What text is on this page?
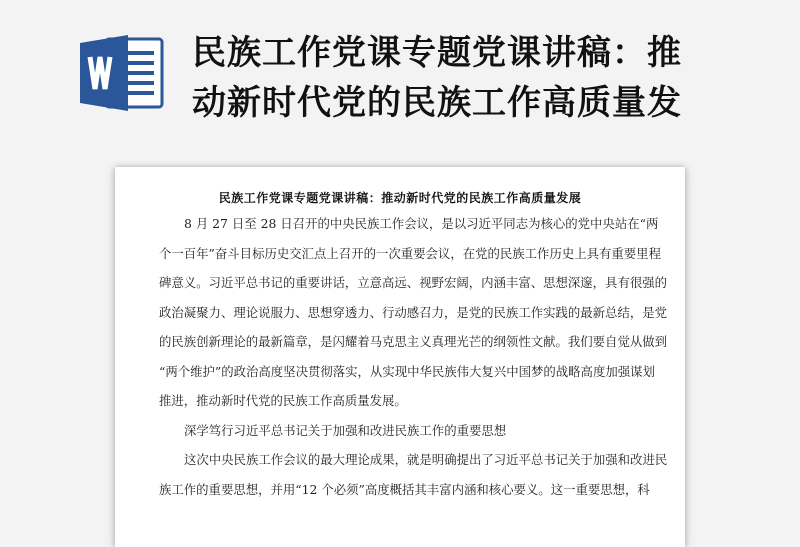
民族工作党课专题党课讲稿：推
动新时代党的民族工作高质量发
民族工作党课专题党课讲稿：推动新时代党的民族工作高质量发展
8 月 27 日至 28 日召开的中央民族工作会议，是以习近平同志为核心的党中央站在“两
个一百年”奋斗目标历史交汇点上召开的一次重要会议，在党的民族工作历史上具有重要里程
碑意义。习近平总书记的重要讲话，立意高远、视野宏阔，内涵丰富、思想深邃，具有很强的
政治凝聚力、理论说服力、思想穿透力、行动感召力，是党的民族工作实践的最新总结，是党
的民族创新理论的最新篇章，是闪耀着马克思主义真理光芒的纲领性文献。我们要自觉从做到
“两个维护”的政治高度坚决贯彻落实，从实现中华民族伟大复兴中国梦的战略高度加强谋划
推进，推动新时代党的民族工作高质量发展。
深学笃行习近平总书记关于加强和改进民族工作的重要思想
这次中央民族工作会议的最大理论成果，就是明确提出了习近平总书记关于加强和改进民
族工作的重要思想，并用“12 个必须”高度概括其丰富内涵和核心要义。这一重要思想，科
